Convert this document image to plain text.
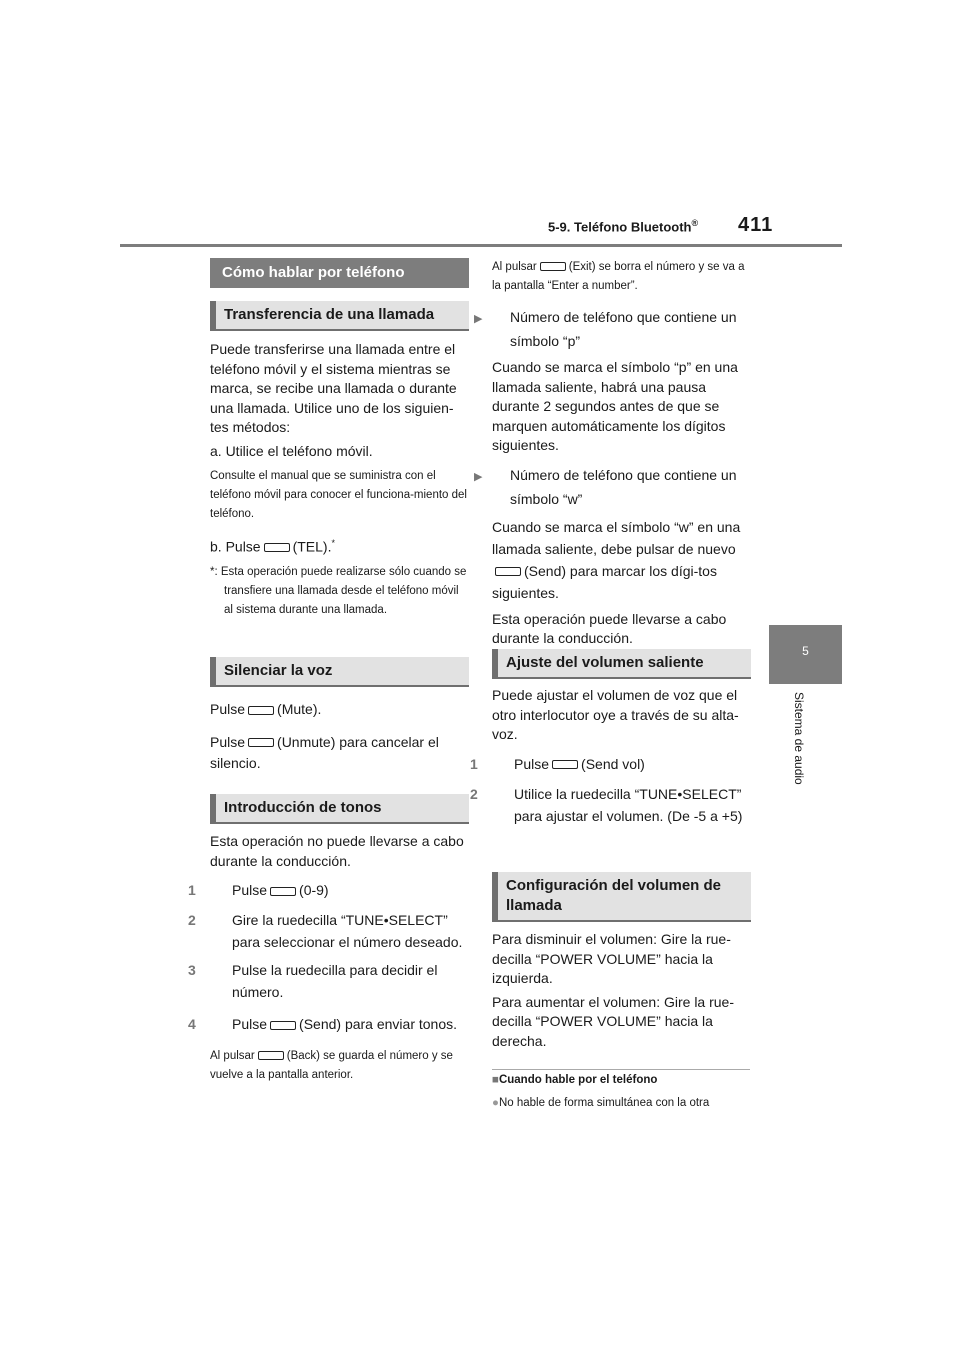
5-9. Teléfono Bluetooth® 411
5
Sistema de audio
Cómo hablar por teléfono
Transferencia de una llamada

Puede transferirse una llamada entre el teléfono móvil y el sistema mientras se marca, se recibe una llamada o durante una llamada. Utilice uno de los siguien-tes métodos:

a. Utilice el teléfono móvil.

Consulte el manual que se suministra con el teléfono móvil para conocer el funciona-miento del teléfono.

b. Pulse (TEL).*

*: Esta operación puede realizarse sólo cuando se transfiere una llamada desde el teléfono móvil al sistema durante una llamada.
Silenciar la voz

Pulse (Mute).

Pulse (Unmute) para cancelar el silencio.

Introducción de tonos

Esta operación no puede llevarse a cabo durante la conducción.

1	Pulse (0-9)

2	Gire la ruedecilla “TUNE•SELECT” para seleccionar el número deseado.

3	Pulse la ruedecilla para decidir el número.

4	Pulse (Send) para enviar tonos.

Al pulsar	(Back) se guarda el número y se vuelve a la pantalla anterior.

Al pulsar	(Exit) se borra el número y se va a la pantalla “Enter a number”.

▶ Número de teléfono que contiene un símbolo “p”

Cuando se marca el símbolo “p” en una llamada saliente, habrá una pausa durante 2 segundos antes de que se marquen automáticamente los dígitos siguientes.

▶ Número de teléfono que contiene un símbolo “w”

Cuando se marca el símbolo “w” en una llamada saliente, debe pulsar de nuevo(Send) para marcar los dígi-tos siguientes.

Esta operación puede llevarse a cabo durante la conducción.

Ajuste del volumen saliente

Puede ajustar el volumen de voz que el otro interlocutor oye a través de su alta-voz.

1	Pulse (Send vol)

2	Utilice la ruedecilla “TUNE•SELECT” para ajustar el volumen. (De -5 a +5)

Configuración del volumen de llamada

Para disminuir el volumen: Gire la rue-decilla “POWER VOLUME” hacia la izquierda.

Para aumentar el volumen: Gire la rue-decilla “POWER VOLUME” hacia la derecha.

■Cuando hable por el teléfono

●No hable de forma simultánea con la otra
